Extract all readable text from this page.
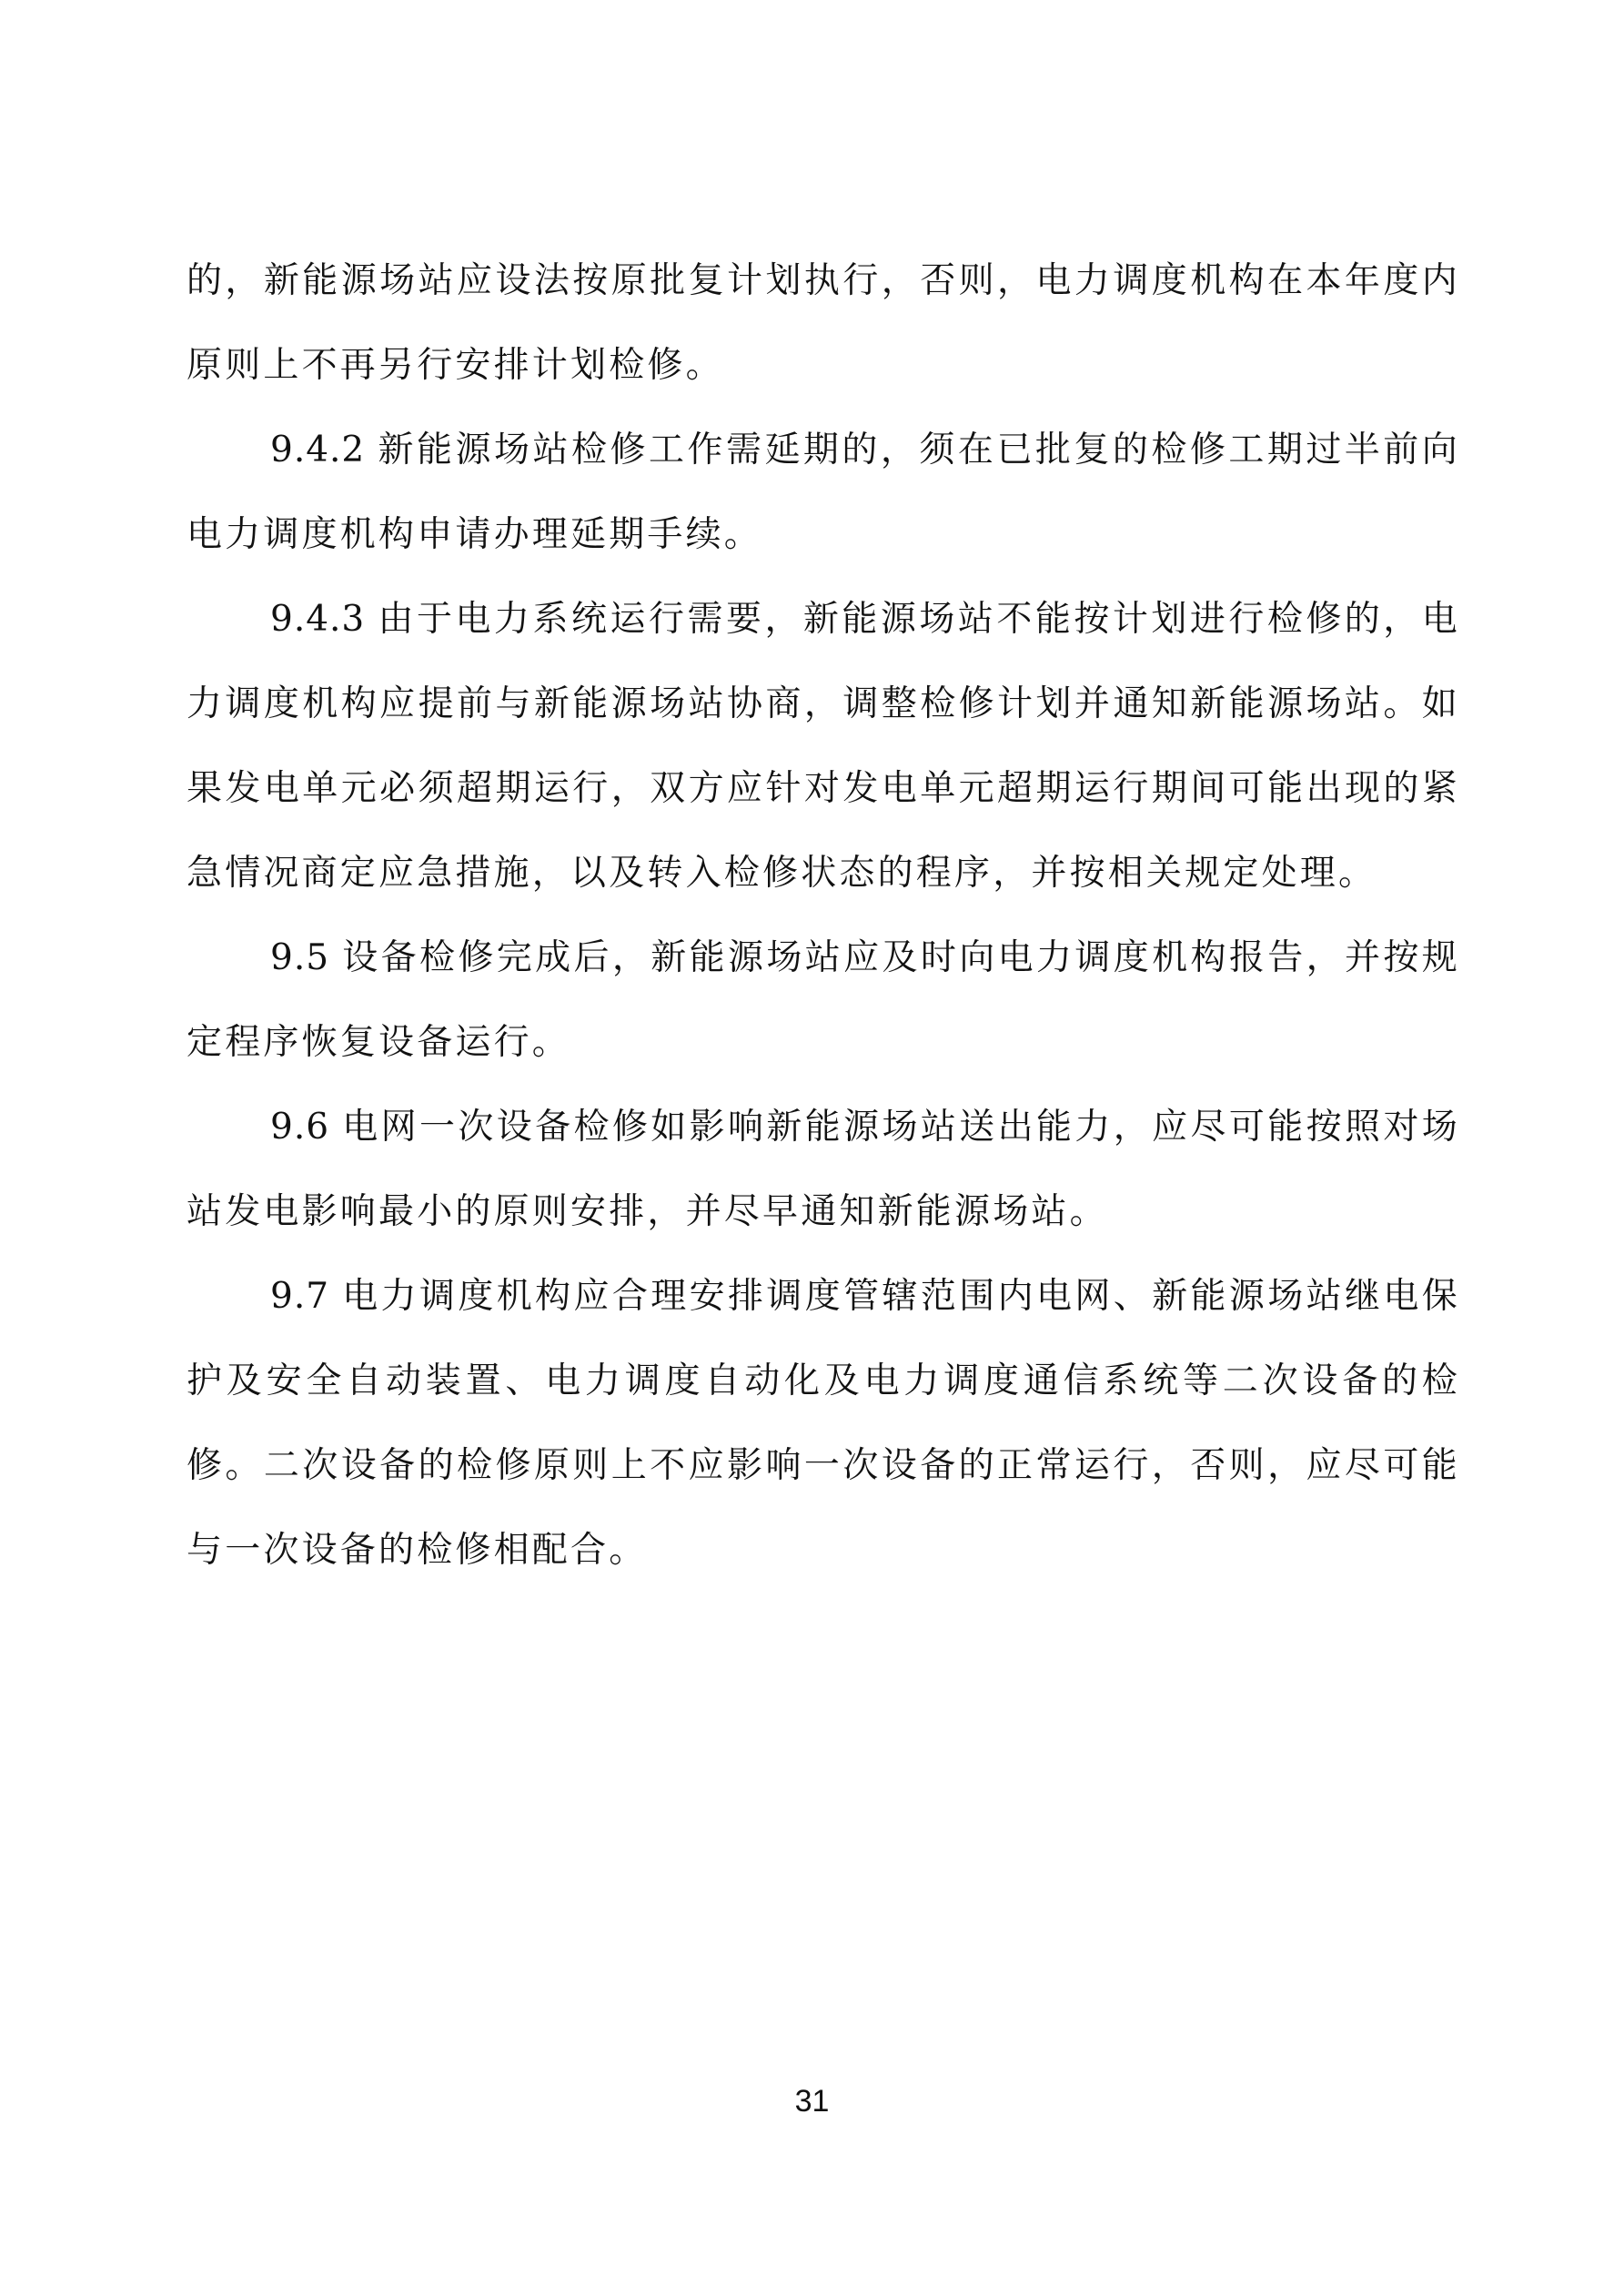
的，新能源场站应设法按原批复计划执行，否则，电力调度机构在本年度内原则上不再另行安排计划检修。

9.4.2 新能源场站检修工作需延期的，须在已批复的检修工期过半前向电力调度机构申请办理延期手续。

9.4.3 由于电力系统运行需要，新能源场站不能按计划进行检修的，电力调度机构应提前与新能源场站协商，调整检修计划并通知新能源场站。如果发电单元必须超期运行，双方应针对发电单元超期运行期间可能出现的紧急情况商定应急措施，以及转入检修状态的程序，并按相关规定处理。

9.5 设备检修完成后，新能源场站应及时向电力调度机构报告，并按规定程序恢复设备运行。

9.6 电网一次设备检修如影响新能源场站送出能力，应尽可能按照对场站发电影响最小的原则安排，并尽早通知新能源场站。

9.7 电力调度机构应合理安排调度管辖范围内电网、新能源场站继电保护及安全自动装置、电力调度自动化及电力调度通信系统等二次设备的检修。二次设备的检修原则上不应影响一次设备的正常运行，否则，应尽可能与一次设备的检修相配合。

31
